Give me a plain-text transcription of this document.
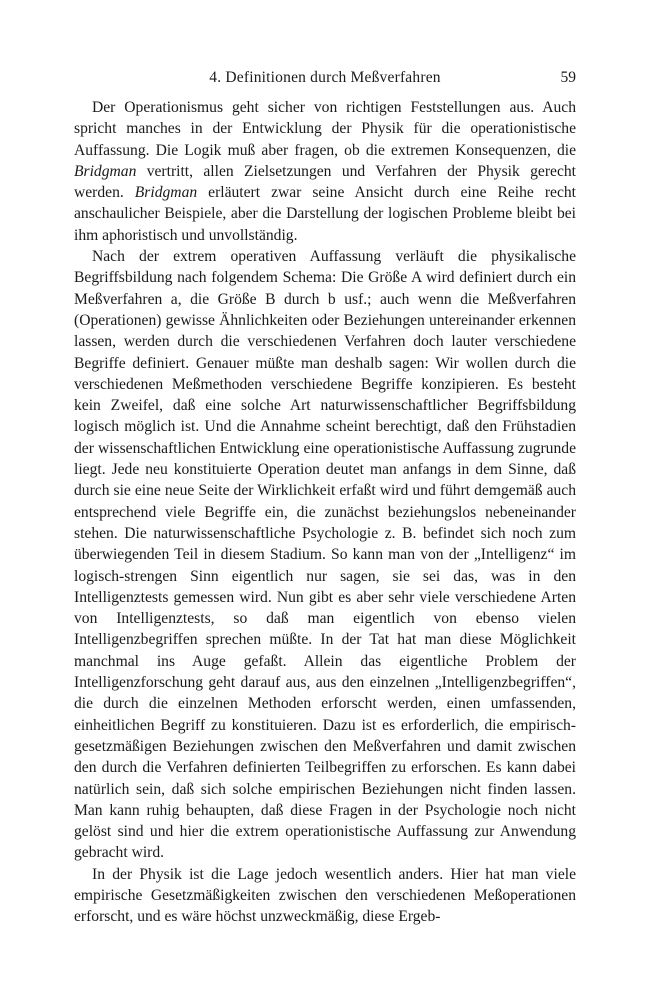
4. Definitionen durch Meßverfahren	59

Der Operationismus geht sicher von richtigen Feststellungen aus. Auch spricht manches in der Entwicklung der Physik für die operationistische Auffassung. Die Logik muß aber fragen, ob die extremen Konsequenzen, die Bridgman vertritt, allen Zielsetzungen und Verfahren der Physik gerecht werden. Bridgman erläutert zwar seine Ansicht durch eine Reihe recht anschaulicher Beispiele, aber die Darstellung der logischen Probleme bleibt bei ihm aphoristisch und unvollständig.

Nach der extrem operativen Auffassung verläuft die physikalische Begriffsbildung nach folgendem Schema: Die Größe A wird definiert durch ein Meßverfahren a, die Größe B durch b usf.; auch wenn die Meßverfahren (Operationen) gewisse Ähnlichkeiten oder Beziehungen untereinander erkennen lassen, werden durch die verschiedenen Verfahren doch lauter verschiedene Begriffe definiert. Genauer müßte man deshalb sagen: Wir wollen durch die verschiedenen Meßmethoden verschiedene Begriffe konzipieren. Es besteht kein Zweifel, daß eine solche Art naturwissenschaftlicher Begriffsbildung logisch möglich ist. Und die Annahme scheint berechtigt, daß den Frühstadien der wissenschaftlichen Entwicklung eine operationistische Auffassung zugrunde liegt. Jede neu konstituierte Operation deutet man anfangs in dem Sinne, daß durch sie eine neue Seite der Wirklichkeit erfaßt wird und führt demgemäß auch entsprechend viele Begriffe ein, die zunächst beziehungslos nebeneinander stehen. Die naturwissenschaftliche Psychologie z. B. befindet sich noch zum überwiegenden Teil in diesem Stadium. So kann man von der „Intelligenz“ im logisch-strengen Sinn eigentlich nur sagen, sie sei das, was in den Intelligenztests gemessen wird. Nun gibt es aber sehr viele verschiedene Arten von Intelligenztests, so daß man eigentlich von ebenso vielen Intelligenzbegriffen sprechen müßte. In der Tat hat man diese Möglichkeit manchmal ins Auge gefaßt. Allein das eigentliche Problem der Intelligenzforschung geht darauf aus, aus den einzelnen „Intelligenzbegriffen“, die durch die einzelnen Methoden erforscht werden, einen umfassenden, einheitlichen Begriff zu konstituieren. Dazu ist es erforderlich, die empirisch-gesetzmäßigen Beziehungen zwischen den Meßverfahren und damit zwischen den durch die Verfahren definierten Teilbegriffen zu erforschen. Es kann dabei natürlich sein, daß sich solche empirischen Beziehungen nicht finden lassen. Man kann ruhig behaupten, daß diese Fragen in der Psychologie noch nicht gelöst sind und hier die extrem operationistische Auffassung zur Anwendung gebracht wird.

In der Physik ist die Lage jedoch wesentlich anders. Hier hat man viele empirische Gesetzmäßigkeiten zwischen den verschiedenen Meßoperationen erforscht, und es wäre höchst unzweckmäßig, diese Ergeb-
